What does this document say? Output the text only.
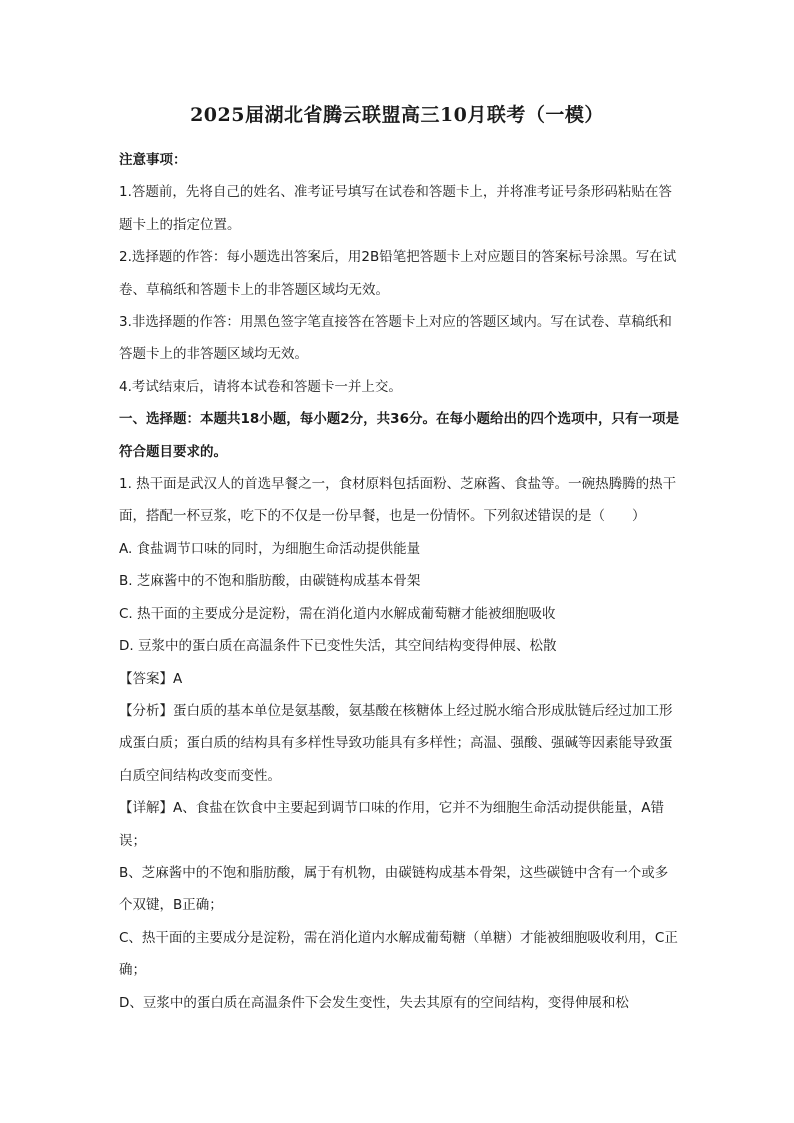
2025届湖北省腾云联盟高三10月联考（一模）

注意事项：

1.答题前，先将自己的姓名、准考证号填写在试卷和答题卡上，并将准考证号条形码粘贴在答题卡上的指定位置。

2.选择题的作答：每小题选出答案后，用2B铅笔把答题卡上对应题目的答案标号涂黑。写在试卷、草稿纸和答题卡上的非答题区域均无效。

3.非选择题的作答：用黑色签字笔直接答在答题卡上对应的答题区域内。写在试卷、草稿纸和答题卡上的非答题区域均无效。

4.考试结束后，请将本试卷和答题卡一并上交。

一、选择题：本题共18小题，每小题2分，共36分。在每小题给出的四个选项中，只有一项是符合题目要求的。

1. 热干面是武汉人的首选早餐之一，食材原料包括面粉、芝麻酱、食盐等。一碗热腾腾的热干面，搭配一杯豆浆，吃下的不仅是一份早餐，也是一份情怀。下列叙述错误的是（　　）

A. 食盐调节口味的同时，为细胞生命活动提供能量

B. 芝麻酱中的不饱和脂肪酸，由碳链构成基本骨架

C. 热干面的主要成分是淀粉，需在消化道内水解成葡萄糖才能被细胞吸收

D. 豆浆中的蛋白质在高温条件下已变性失活，其空间结构变得伸展、松散

【答案】A

【分析】蛋白质的基本单位是氨基酸，氨基酸在核糖体上经过脱水缩合形成肽链后经过加工形成蛋白质；蛋白质的结构具有多样性导致功能具有多样性；高温、强酸、强碱等因素能导致蛋白质空间结构改变而变性。

【详解】A、食盐在饮食中主要起到调节口味的作用，它并不为细胞生命活动提供能量，A错误；

B、芝麻酱中的不饱和脂肪酸，属于有机物，由碳链构成基本骨架，这些碳链中含有一个或多个双键，B正确；

C、热干面的主要成分是淀粉，需在消化道内水解成葡萄糖（单糖）才能被细胞吸收利用，C正确；

D、豆浆中的蛋白质在高温条件下会发生变性，失去其原有的空间结构，变得伸展和松
